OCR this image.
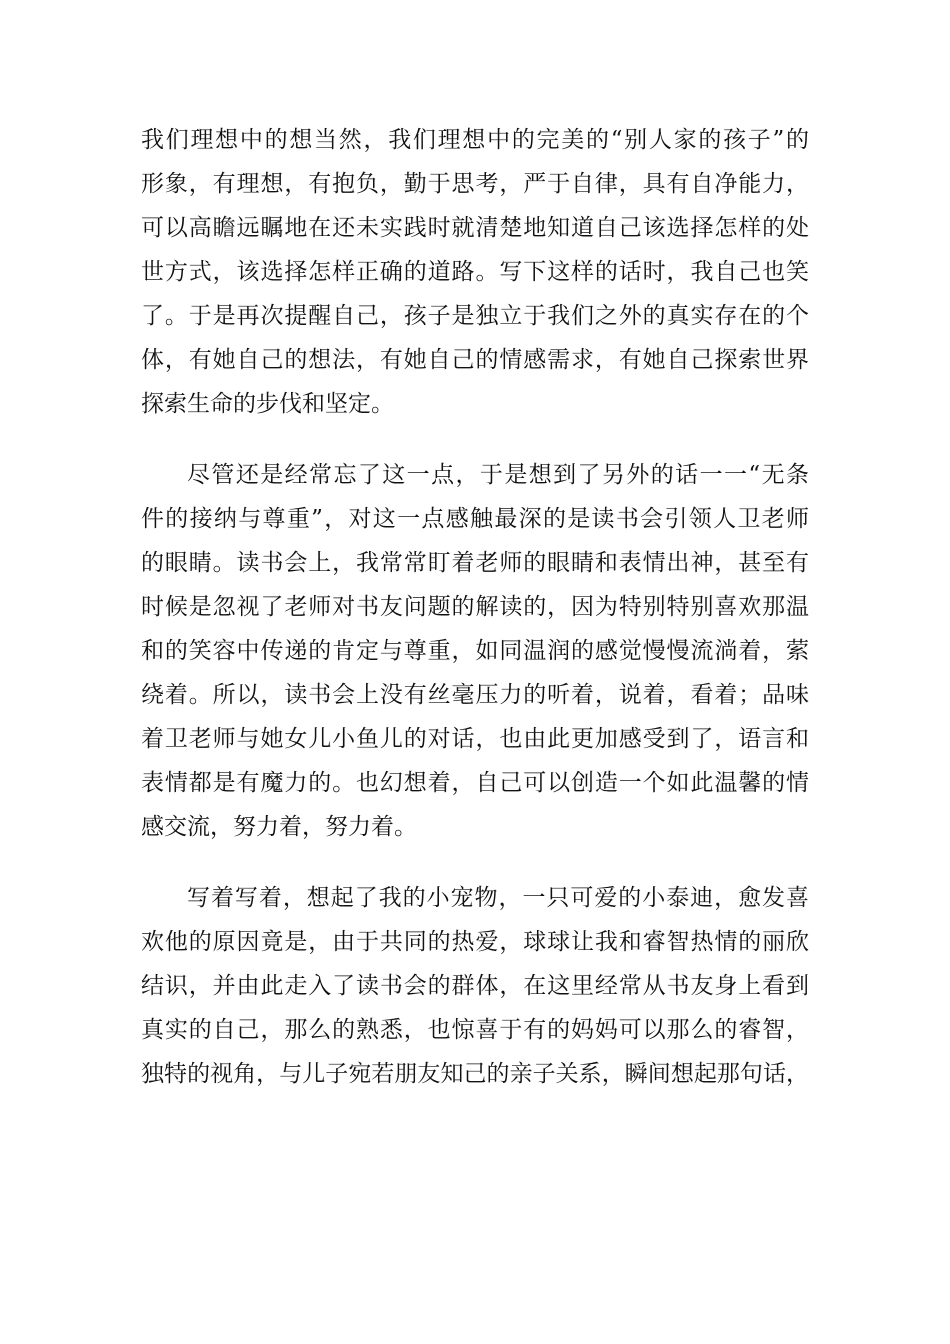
我们理想中的想当然，我们理想中的完美的“别人家的孩子”的
形象，有理想，有抱负，勤于思考，严于自律，具有自净能力，
可以高瞻远瞩地在还未实践时就清楚地知道自己该选择怎样的处
世方式，该选择怎样正确的道路。写下这样的话时，我自己也笑
了。于是再次提醒自己，孩子是独立于我们之外的真实存在的个
体，有她自己的想法，有她自己的情感需求，有她自己探索世界
探索生命的步伐和坚定。
尽管还是经常忘了这一点，于是想到了另外的话一一“无条
件的接纳与尊重”，对这一点感触最深的是读书会引领人卫老师
的眼睛。读书会上，我常常盯着老师的眼睛和表情出神，甚至有
时候是忽视了老师对书友问题的解读的，因为特别特别喜欢那温
和的笑容中传递的肯定与尊重，如同温润的感觉慢慢流淌着，萦
绕着。所以，读书会上没有丝毫压力的听着，说着，看着；品味
着卫老师与她女儿小鱼儿的对话，也由此更加感受到了，语言和
表情都是有魔力的。也幻想着，自己可以创造一个如此温馨的情
感交流，努力着，努力着。
写着写着，想起了我的小宠物，一只可爱的小泰迪，愈发喜
欢他的原因竟是，由于共同的热爱，球球让我和睿智热情的丽欣
结识，并由此走入了读书会的群体，在这里经常从书友身上看到
真实的自己，那么的熟悉，也惊喜于有的妈妈可以那么的睿智，
独特的视角，与儿子宛若朋友知己的亲子关系，瞬间想起那句话，
